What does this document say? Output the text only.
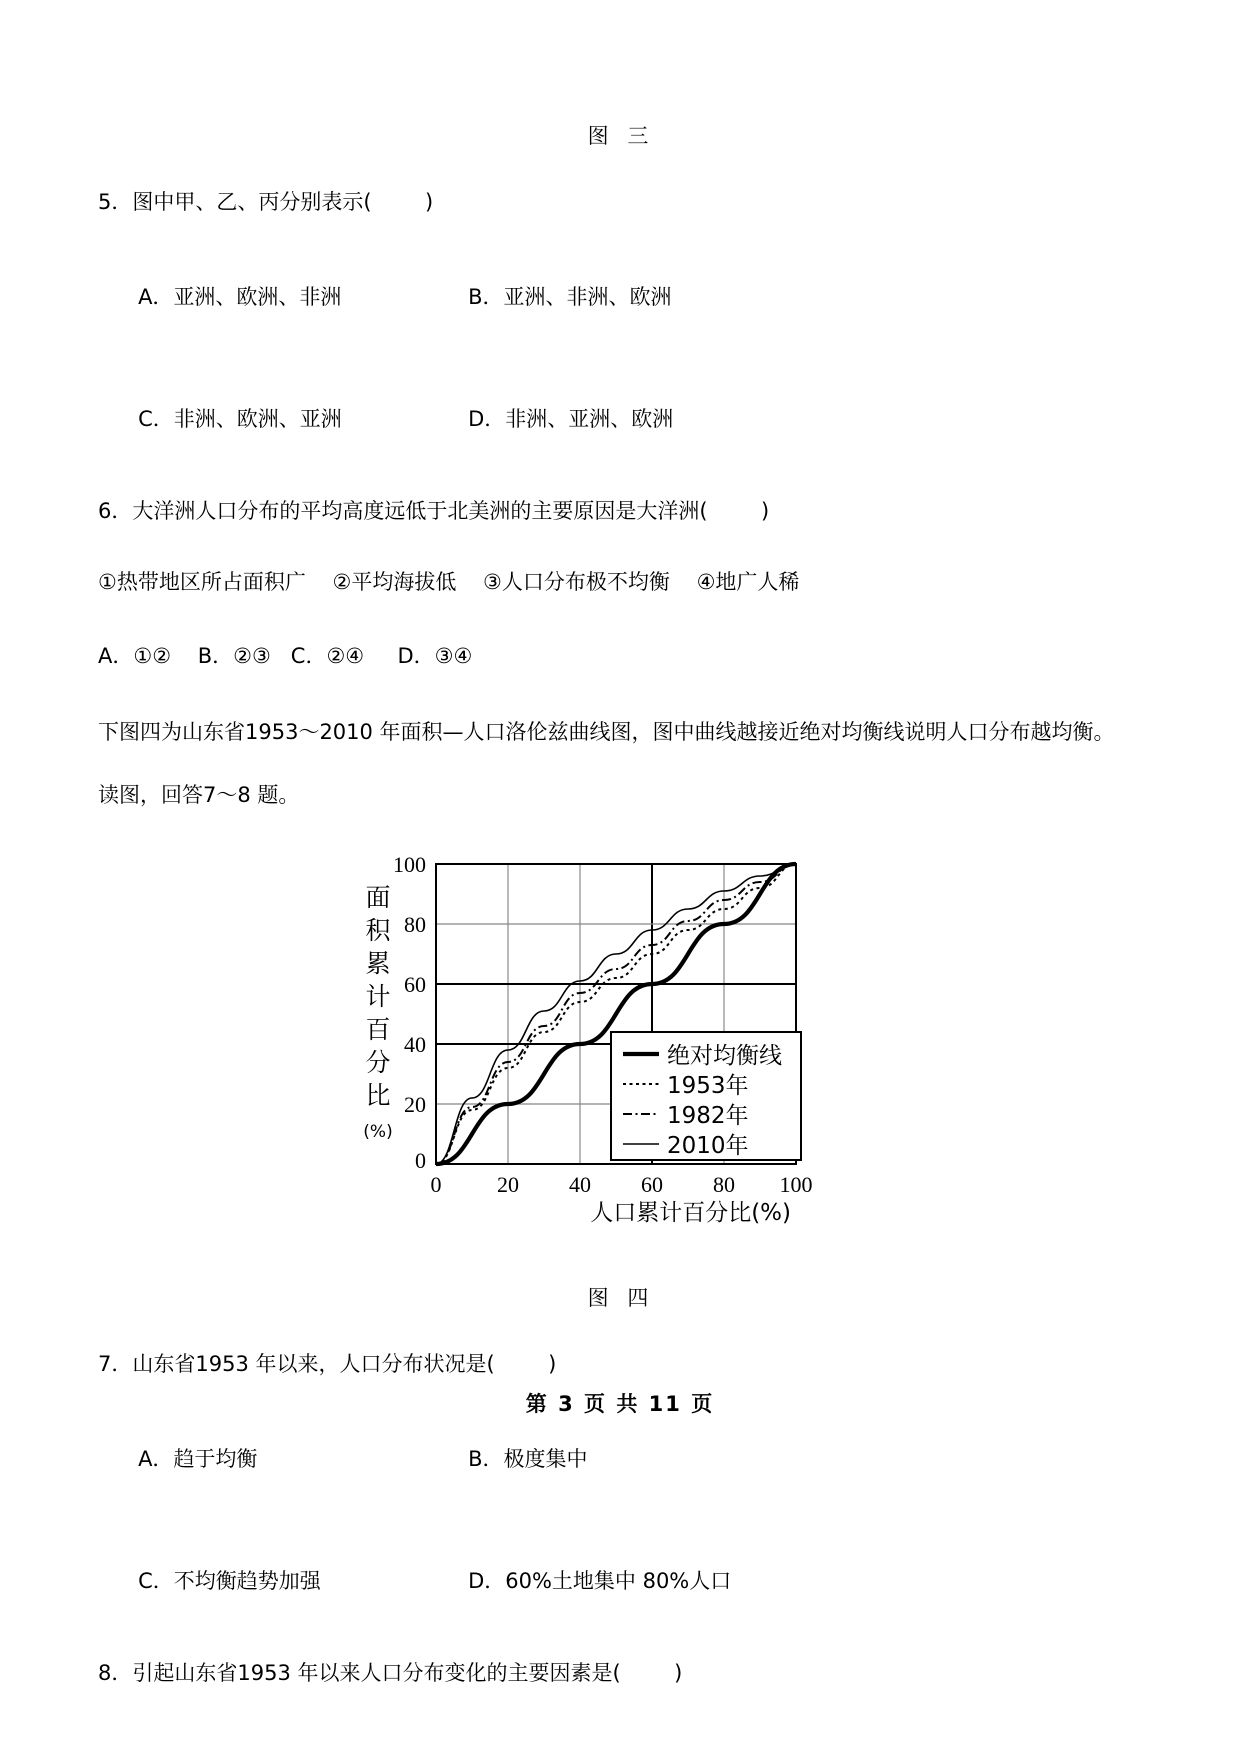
图 三
5．图中甲、乙、丙分别表示(        )

A．亚洲、欧洲、非洲	B．亚洲、非洲、欧洲

C．非洲、欧洲、亚洲	D．非洲、亚洲、欧洲

6．大洋洲人口分布的平均高度远低于北美洲的主要原因是大洋洲(        )
①热带地区所占面积广    ②平均海拔低    ③人口分布极不均衡    ④地广人稀
A．①②    B．②③   C．②④     D．③④
下图四为山东省1953～2010 年面积—人口洛伦兹曲线图，图中曲线越接近绝对均衡线说明人口分布越均衡。
读图，回答7～8 题。
0	20 40 60 80 100
20
40
60
80
100
0
绝对均衡线
1953年
1982年
2010年
人口累计百分比(%)
面
积
累
计
百
分
比
(%)
图 四
7．山东省1953 年以来，人口分布状况是(        )

A．趋于均衡	B．极度集中

C．不均衡趋势加强	D．60%土地集中 80%人口

8．引起山东省1953 年以来人口分布变化的主要因素是(        )
第 3 页 共 11 页
